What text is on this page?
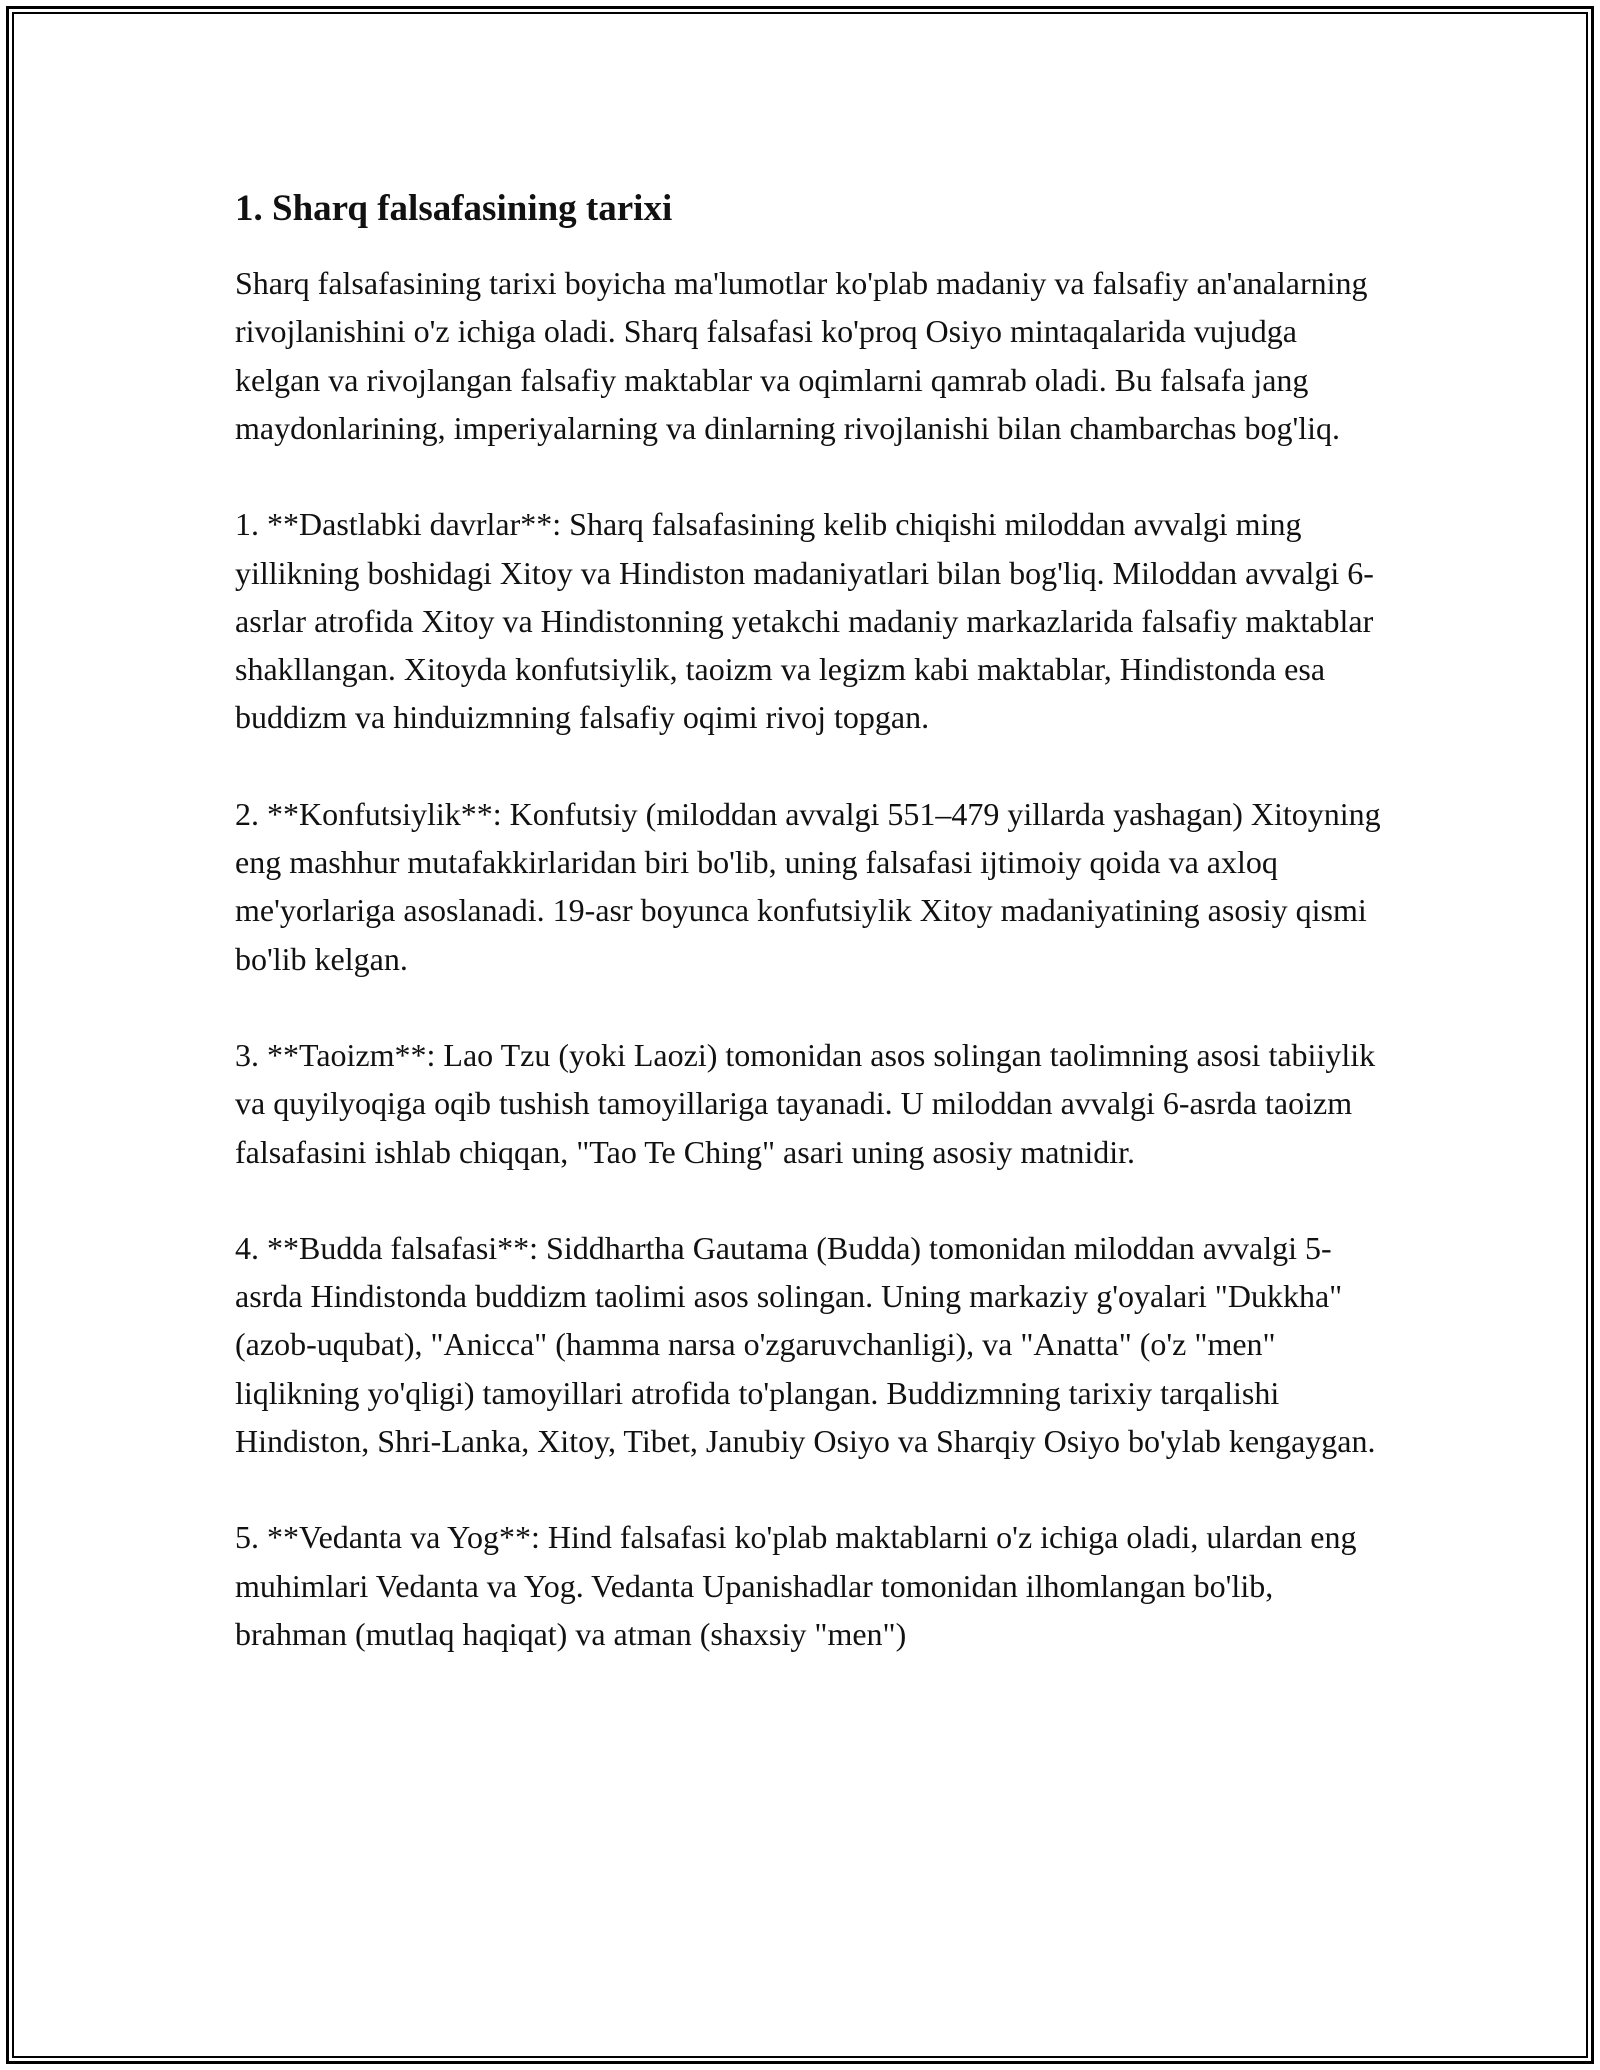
1. Sharq falsafasining tarixi

Sharq falsafasining tarixi boyicha ma'lumotlar ko'plab madaniy va falsafiy an'analarning rivojlanishini o'z ichiga oladi. Sharq falsafasi ko'proq Osiyo mintaqalarida vujudga kelgan va rivojlangan falsafiy maktablar va oqimlarni qamrab oladi. Bu falsafa jang maydonlarining, imperiyalarning va dinlarning rivojlanishi bilan chambarchas bog'liq.

1. **Dastlabki davrlar**: Sharq falsafasining kelib chiqishi miloddan avvalgi ming yillikning boshidagi Xitoy va Hindiston madaniyatlari bilan bog'liq. Miloddan avvalgi 6-asrlar atrofida Xitoy va Hindistonning yetakchi madaniy markazlarida falsafiy maktablar shakllangan. Xitoyda konfutsiylik, taoizm va legizm kabi maktablar, Hindistonda esa buddizm va hinduizmning falsafiy oqimi rivoj topgan.

2. **Konfutsiylik**: Konfutsiy (miloddan avvalgi 551–479 yillarda yashagan) Xitoyning eng mashhur mutafakkirlaridan biri bo'lib, uning falsafasi ijtimoiy qoida va axloq me'yorlariga asoslanadi. 19-asr boyunca konfutsiylik Xitoy madaniyatining asosiy qismi bo'lib kelgan.

3. **Taoizm**: Lao Tzu (yoki Laozi) tomonidan asos solingan taolimning asosi tabiiylik va quyilyoqiga oqib tushish tamoyillariga tayanadi. U miloddan avvalgi 6-asrda taoizm falsafasini ishlab chiqqan, "Tao Te Ching" asari uning asosiy matnidir.

4. **Budda falsafasi**: Siddhartha Gautama (Budda) tomonidan miloddan avvalgi 5-asrda Hindistonda buddizm taolimi asos solingan. Uning markaziy g'oyalari "Dukkha" (azob-uqubat), "Anicca" (hamma narsa o'zgaruvchanligi), va "Anatta" (o'z "men" liqlikning yo'qligi) tamoyillari atrofida to'plangan. Buddizmning tarixiy tarqalishi Hindiston, Shri-Lanka, Xitoy, Tibet, Janubiy Osiyo va Sharqiy Osiyo bo'ylab kengaygan.

5. **Vedanta va Yog**: Hind falsafasi ko'plab maktablarni o'z ichiga oladi, ulardan eng muhimlari Vedanta va Yog. Vedanta Upanishadlar tomonidan ilhomlangan bo'lib, brahman (mutlaq haqiqat) va atman (shaxsiy "men")
